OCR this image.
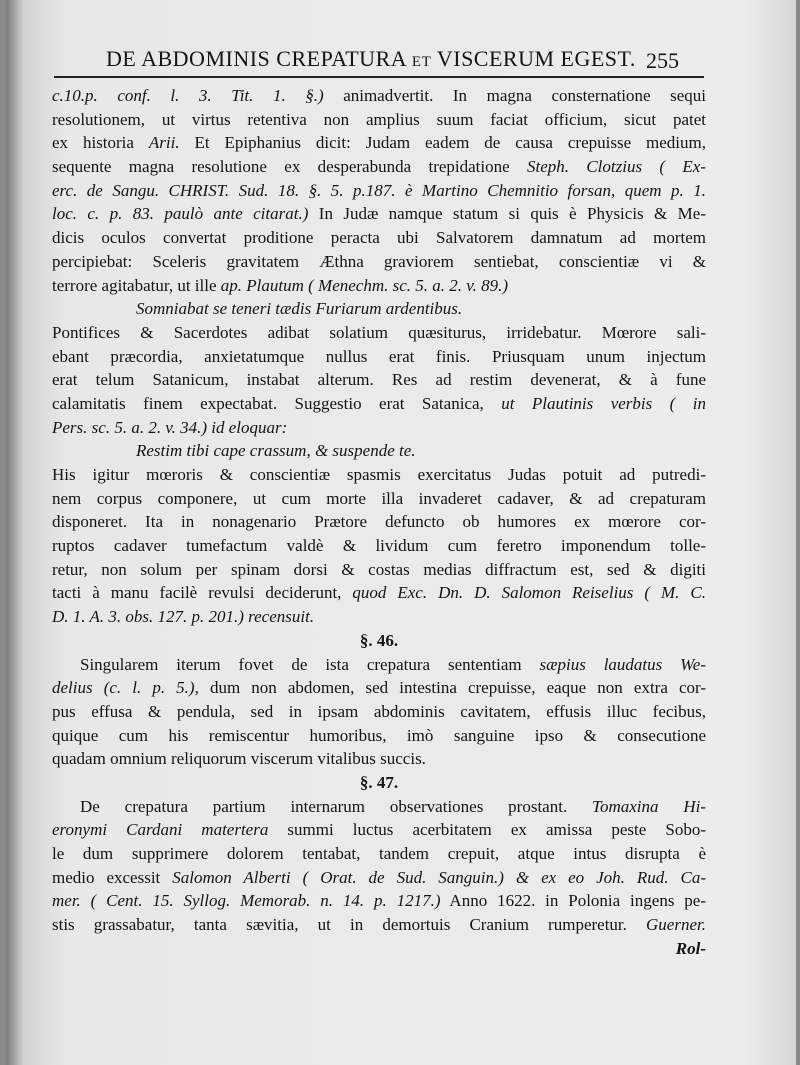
DE ABDOMINIS CREPATURA ET VISCERUM EGEST. 255
c.10.p. conf. l. 3. Tit. 1. §.) animadvertit. In magna consternatione sequi
resolutionem, ut virtus retentiva non amplius suum faciat officium, sicut patet
ex historia Arii. Et Epiphanius dicit: Judam eadem de causa crepuisse medium,
sequente magna resolutione ex desperabunda trepidatione Steph. Clotzius ( Ex-
erc. de Sangu. CHRIST. Sud. 18. §. 5. p.187. è Martino Chemnitio forsan, quem p. 1.
loc. c. p. 83. paulò ante citarat.) In Judæ namque statum si quis è Physicis & Me-
dicis oculos convertat proditione peracta ubi Salvatorem damnatum ad mortem
percipiebat: Sceleris gravitatem Æthna graviorem sentiebat, conscientiæ vi &
terrore agitabatur, ut ille ap. Plautum ( Menechm. sc. 5. a. 2. v. 89.)
Somniabat se teneri tædis Furiarum ardentibus.
Pontifices & Sacerdotes adibat solatium quæsiturus, irridebatur. Mœrore sali-
ebant præcordia, anxietatumque nullus erat finis. Priusquam unum injectum
erat telum Satanicum, instabat alterum. Res ad restim devenerat, & à fune
calamitatis finem expectabat. Suggestio erat Satanica, ut Plautinis verbis ( in
Pers. sc. 5. a. 2. v. 34.) id eloquar:
Restim tibi cape crassum, & suspende te.
His igitur mœroris & conscientiæ spasmis exercitatus Judas potuit ad putredi-
nem corpus componere, ut cum morte illa invaderet cadaver, & ad crepaturam
disponeret. Ita in nonagenario Prætore defuncto ob humores ex mœrore cor-
ruptos cadaver tumefactum valdè & lividum cum feretro imponendum tolle-
retur, non solum per spinam dorsi & costas medias diffractum est, sed & digiti
tacti à manu facilè revulsi deciderunt, quod Exc. Dn. D. Salomon Reiselius ( M. C.
D. 1. A. 3. obs. 127. p. 201.) recensuit.
§. 46.
Singularem iterum fovet de ista crepatura sententiam sæpius laudatus We-
delius (c. l. p. 5.), dum non abdomen, sed intestina crepuisse, eaque non extra cor-
pus effusa & pendula, sed in ipsam abdominis cavitatem, effusis illuc fecibus,
quique cum his remiscentur humoribus, imò sanguine ipso & consecutione
quadam omnium reliquorum viscerum vitalibus succis.
§. 47.
De crepatura partium internarum observationes prostant. Tomaxina Hi-
eronymi Cardani matertera summi luctus acerbitatem ex amissa peste Sobo-
le dum supprimere dolorem tentabat, tandem crepuit, atque intus disrupta è
medio excessit Salomon Alberti ( Orat. de Sud. Sanguin.) & ex eo Joh. Rud. Ca-
mer. ( Cent. 15. Syllog. Memorab. n. 14. p. 1217.) Anno 1622. in Polonia ingens pe-
stis grassabatur, tanta sævitia, ut in demortuis Cranium rumperetur. Guerner.
Rol-
